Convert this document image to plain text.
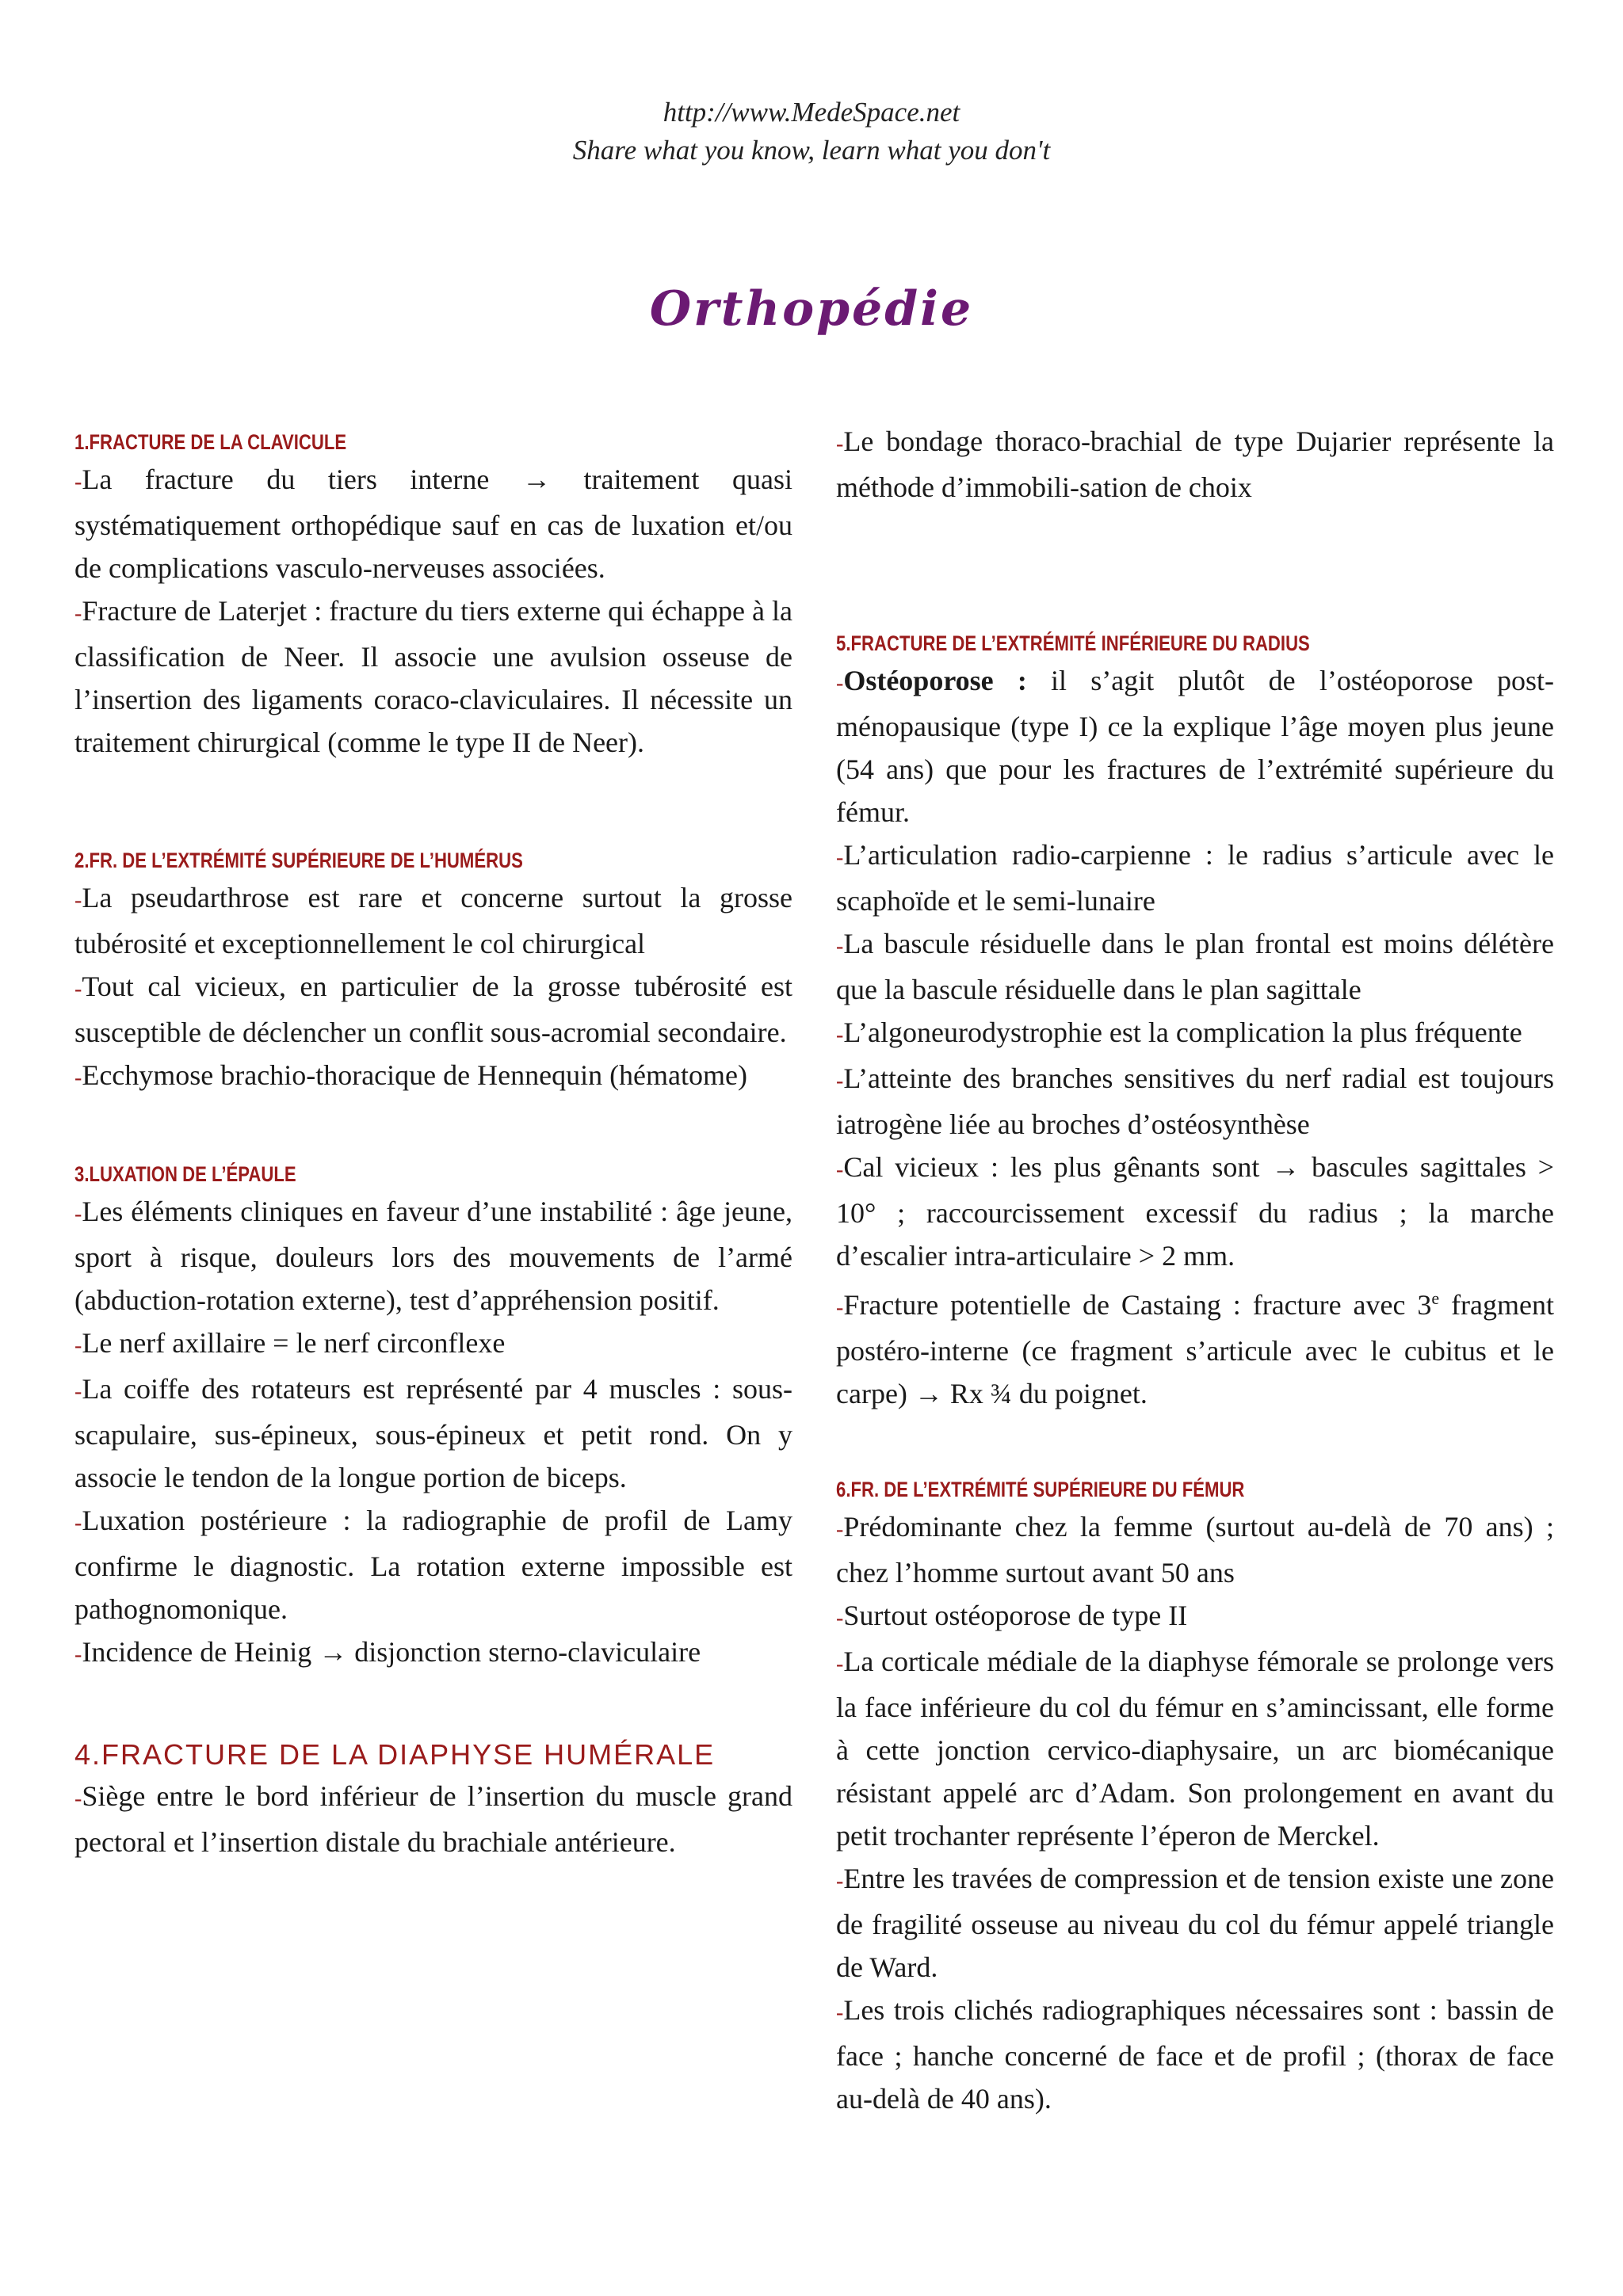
http://www.MedeSpace.net
Share what you know, learn what you don't
Orthopédie
1.FRACTURE DE LA CLAVICULE

-La fracture du tiers interne → traitement quasi systématiquement orthopédique sauf en cas de luxation et/ou de complications vasculo-nerveuses associées.

-Fracture de Laterjet : fracture du tiers externe qui échappe à la classification de Neer. Il associe une avulsion osseuse de l’insertion des ligaments coraco-claviculaires. Il nécessite un traitement chirurgical (comme le type II de Neer).

2.FR. DE L’EXTRÉMITÉ SUPÉRIEURE DE L’HUMÉRUS

-La pseudarthrose est rare et concerne surtout la grosse tubérosité et exceptionnellement le col chirurgical

-Tout cal vicieux, en particulier de la grosse tubérosité est susceptible de déclencher un conflit sous-acromial secondaire.

-Ecchymose brachio-thoracique de Hennequin (hématome)

3.LUXATION DE L’ÉPAULE

-Les éléments cliniques en faveur d’une instabilité : âge jeune, sport à risque, douleurs lors des mouvements de l’armé (abduction-rotation externe), test d’appréhension positif.

-Le nerf axillaire = le nerf circonflexe

-La coiffe des rotateurs est représenté par 4 muscles : sous-scapulaire, sus-épineux, sous-épineux et petit rond. On y associe le tendon de la longue portion de biceps.

-Luxation postérieure : la radiographie de profil de Lamy confirme le diagnostic. La rotation externe impossible est pathognomonique.

-Incidence de Heinig → disjonction sterno-claviculaire

4.FRACTURE DE LA DIAPHYSE HUMÉRALE

-Siège entre le bord inférieur de l’insertion du muscle grand pectoral et l’insertion distale du brachiale antérieure.

-Le bondage thoraco-brachial de type Dujarier représente la méthode d’immobili-sation de choix

5.FRACTURE DE L’EXTRÉMITÉ INFÉRIEURE DU RADIUS

-Ostéoporose : il s’agit plutôt de l’ostéoporose post-ménopausique (type I) ce la explique l’âge moyen plus jeune (54 ans) que pour les fractures de l’extrémité supérieure du fémur.

-L’articulation radio-carpienne : le radius s’articule avec le scaphoïde et le semi-lunaire

-La bascule résiduelle dans le plan frontal est moins délétère que la bascule résiduelle dans le plan sagittale

-L’algoneurodystrophie est la complication la plus fréquente

-L’atteinte des branches sensitives du nerf radial est toujours iatrogène liée au broches d’ostéosynthèse

-Cal vicieux : les plus gênants sont → bascules sagittales > 10° ; raccourcissement excessif du radius ; la marche d’escalier intra-articulaire > 2 mm.

-Fracture potentielle de Castaing : fracture avec 3e fragment postéro-interne (ce fragment s’articule avec le cubitus et le carpe) → Rx ¾ du poignet.

6.FR. DE L’EXTRÉMITÉ SUPÉRIEURE DU FÉMUR

-Prédominante chez la femme (surtout au-delà de 70 ans) ; chez l’homme surtout avant 50 ans

-Surtout ostéoporose de type II

-La corticale médiale de la diaphyse fémorale se prolonge vers la face inférieure du col du fémur en s’amincissant, elle forme à cette jonction cervico-diaphysaire, un arc biomécanique résistant appelé arc d’Adam. Son prolongement en avant du petit trochanter représente l’éperon de Merckel.

-Entre les travées de compression et de tension existe une zone de fragilité osseuse au niveau du col du fémur appelé triangle de Ward.

-Les trois clichés radiographiques nécessaires sont : bassin de face ; hanche concerné de face et de profil ; (thorax de face au-delà de 40 ans).
